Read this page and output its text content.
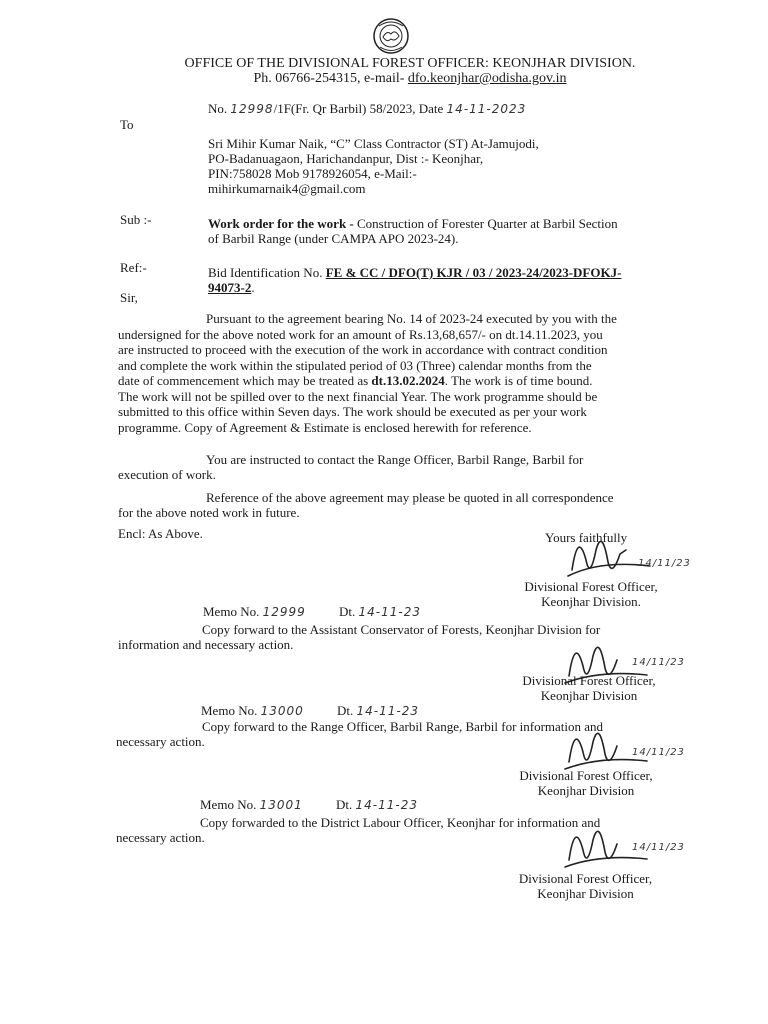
OFFICE OF THE DIVISIONAL FOREST OFFICER: KEONJHAR DIVISION.
Ph. 06766-254315, e-mail- dfo.keonjhar@odisha.gov.in
No. 12998/1F(Fr. Qr Barbil) 58/2023, Date 14-11-2023
To
Sri Mihir Kumar Naik, “C” Class Contractor (ST) At-Jamujodi,
PO-Badanuagaon, Harichandanpur, Dist :- Keonjhar,
PIN:758028 Mob 9178926054, e-Mail:-
mihirkumarnaik4@gmail.com
Sub :-	Work order for the work - Construction of Forester Quarter at Barbil Section
of Barbil Range (under CAMPA APO 2023-24).
Ref:-	Bid Identification No. FE & CC / DFO(T) KJR / 03 / 2023-24/2023-DFOKJ-
94073-2.
Sir,
Pursuant to the agreement bearing No. 14 of 2023-24 executed by you with the
undersigned for the above noted work for an amount of Rs.13,68,657/- on dt.14.11.2023, you
are instructed to proceed with the execution of the work in accordance with contract condition
and complete the work within the stipulated period of 03 (Three) calendar months from the
date of commencement which may be treated as dt.13.02.2024. The work is of time bound.
The work will not be spilled over to the next financial Year. The work programme should be
submitted to this office within Seven days. The work should be executed as per your work
programme. Copy of Agreement & Estimate is enclosed herewith for reference.
You are instructed to contact the Range Officer, Barbil Range, Barbil for
execution of work.
Reference of the above agreement may please be quoted in all correspondence
for the above noted work in future.
Encl: As Above.	Yours faithfully
14/11/23
Divisional Forest Officer,
Keonjhar Division.
Memo No. 12999	Dt. 14-11-23
Copy forward to the Assistant Conservator of Forests, Keonjhar Division for
information and necessary action.
14/11/23
Divisional Forest Officer,
Keonjhar Division
Memo No. 13000	Dt. 14-11-23
Copy forward to the Range Officer, Barbil Range, Barbil for information and
necessary action.
14/11/23
Divisional Forest Officer,
Keonjhar Division
Memo No. 13001	Dt. 14-11-23
Copy forwarded to the District Labour Officer, Keonjhar for information and
necessary action.
14/11/23
Divisional Forest Officer,
Keonjhar Division
